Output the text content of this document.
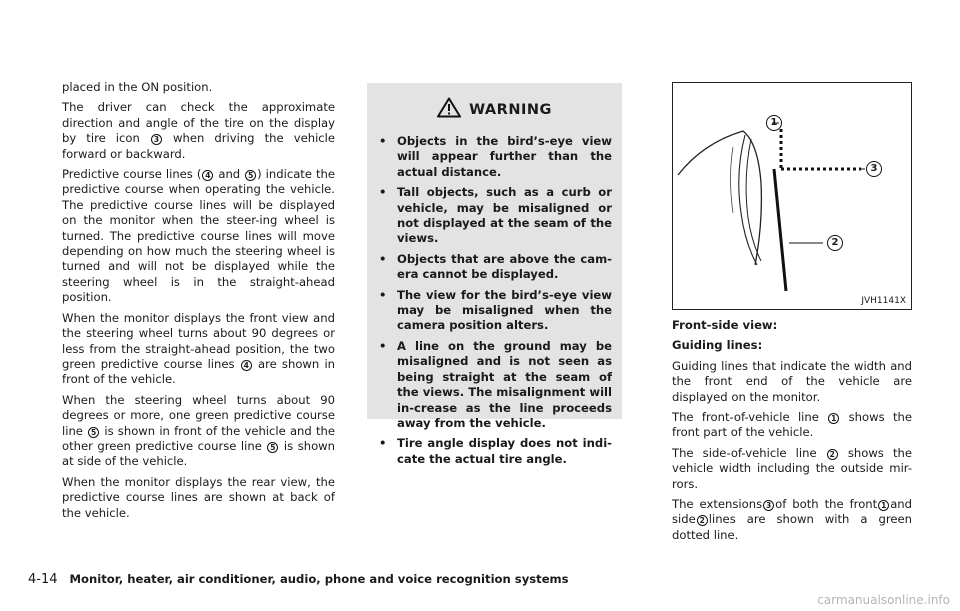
placed in the ON position.

The driver can check the approximate direction and angle of the tire on the display by tire icon 3 when driving the vehicle forward or backward.

Predictive course lines ( 4 and 5 ) indicate the predictive course when operating the vehicle. The predictive course lines will be displayed on the monitor when the steer-ing wheel is turned. The predictive course lines will move depending on how much the steering wheel is turned and will not be displayed while the steering wheel is in the straight-ahead position.

When the monitor displays the front view and the steering wheel turns about 90 degrees or less from the straight-ahead position, the two green predictive course lines 4 are shown in front of the vehicle.

When the steering wheel turns about 90 degrees or more, one green predictive course line 5 is shown in front of the vehicle and the other green predictive course line 5 is shown at side of the vehicle.

When the monitor displays the rear view, the predictive course lines are shown at back of the vehicle.

WARNING
• Objects in the bird’s-eye view will appear further than the actual distance.
• Tall objects, such as a curb or vehicle, may be misaligned or not displayed at the seam of the views.
• Objects that are above the cam-era cannot be displayed.
• The view for the bird’s-eye view may be misaligned when the camera position alters.
• A line on the ground may be misaligned and is not seen as being straight at the seam of the views. The misalignment will in-crease as the line proceeds away from the vehicle.
• Tire angle display does not indi-cate the actual tire angle.
1
3
2
JVH1141X

Front-side view:

Guiding lines:

Guiding lines that indicate the width and the front end of the vehicle are displayed on the monitor.

The front-of-vehicle line 1 shows the front part of the vehicle.

The side-of-vehicle line 2 shows the vehicle width including the outside mir-rors.

The extensions 3 of both the front 1 and side 2 lines are shown with a green dotted line.

4-14 Monitor, heater, air conditioner, audio, phone and voice recognition systems
carmanualsonline.info
